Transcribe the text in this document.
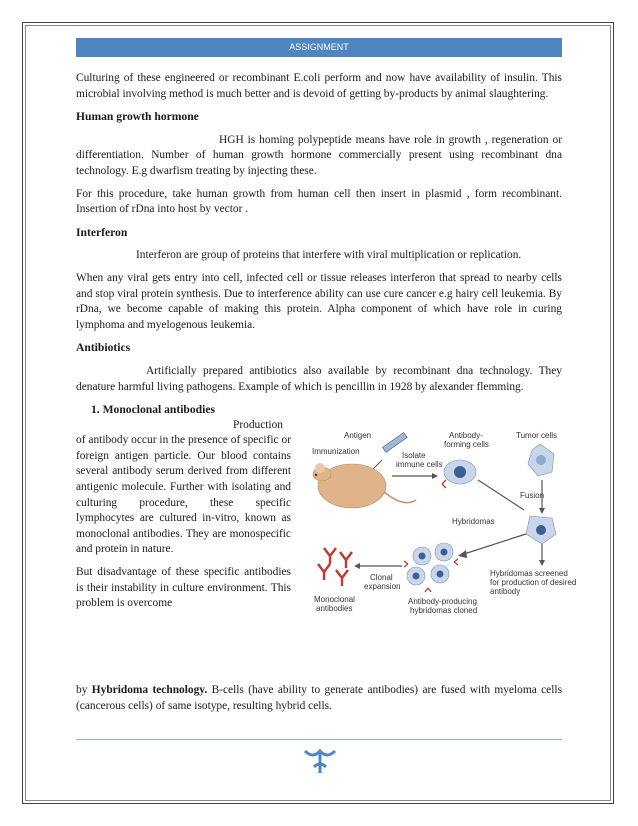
ASSIGNMENT

Culturing of these engineered or recombinant E.coli perform and now have availability of insulin. This microbial involving method is much better and is devoid of getting by-products by animal slaughtering.

Human growth hormone

HGH is homing polypeptide means have role in growth , regeneration or differentiation. Number of human growth hormone commercially present using recombinant dna technology. E.g dwarfism treating by injecting these.

For this procedure, take human growth from human cell then insert in plasmid , form recombinant. Insertion of rDna into host by vector .

Interferon

Interferon are group of proteins that interfere with viral multiplication or replication.

When any viral gets entry into cell, infected cell or tissue releases interferon that spread to nearby cells and stop viral protein synthesis. Due to interference ability can use cure cancer e.g hairy cell leukemia. By rDna, we become capable of making this protein. Alpha component of which have role in curing lymphoma and myelogenous leukemia.

Antibiotics

Artificially prepared antibiotics also available by recombinant dna technology. They denature harmful living pathogens. Example of which is pencillin in 1928 by alexander flemming.

1. Monoclonal antibodies
Production

of antibody occur in the presence of specific or foreign antigen particle. Our blood contains several antibody serum derived from different antigenic molecule. Further with isolating and culturing procedure, these specific lymphocytes are cultured in-vitro, known as monoclonal antibodies. They are monospecific and protein in nature.

But disadvantage of these specific antibodies is their instability in culture environment. This problem is overcome

Antigen
Immunization	Isolate
immune cells
Antibody-
forming cells
Tumor cells
Fusion
Hybridomas
Hybridomas screened
for production of desired
antibody
Antibody-producing
hybridomas cloned
Clonal
expansion
Monoclonal
antibodies
by Hybridoma technology. B-cells (have ability to generate antibodies) are fused with myeloma cells (cancerous cells) of same isotype, resulting hybrid cells.
